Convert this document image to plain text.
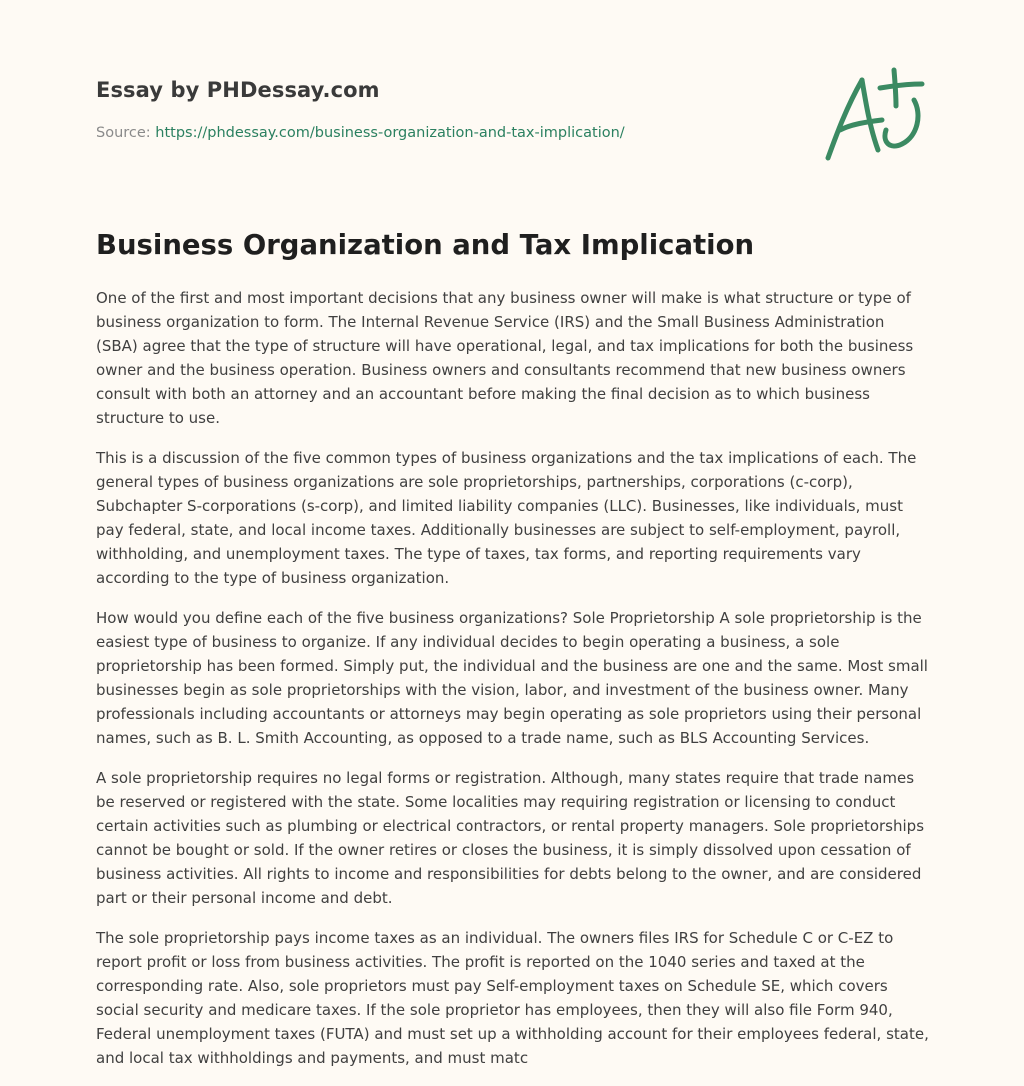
Essay by PHDessay.com
Source: https://phdessay.com/business-organization-and-tax-implication/
Business Organization and Tax Implication

One of the first and most important decisions that any business owner will make is what structure or type of business organization to form. The Internal Revenue Service (IRS) and the Small Business Administration (SBA) agree that the type of structure will have operational, legal, and tax implications for both the business owner and the business operation. Business owners and consultants recommend that new business owners consult with both an attorney and an accountant before making the final decision as to which business structure to use.

This is a discussion of the five common types of business organizations and the tax implications of each. The general types of business organizations are sole proprietorships, partnerships, corporations (c-corp), Subchapter S-corporations (s-corp), and limited liability companies (LLC). Businesses, like individuals, must pay federal, state, and local income taxes. Additionally businesses are subject to self-employment, payroll, withholding, and unemployment taxes. The type of taxes, tax forms, and reporting requirements vary according to the type of business organization.

How would you define each of the five business organizations? Sole Proprietorship A sole proprietorship is the easiest type of business to organize. If any individual decides to begin operating a business, a sole proprietorship has been formed. Simply put, the individual and the business are one and the same. Most small businesses begin as sole proprietorships with the vision, labor, and investment of the business owner. Many professionals including accountants or attorneys may begin operating as sole proprietors using their personal names, such as B. L. Smith Accounting, as opposed to a trade name, such as BLS Accounting Services.

A sole proprietorship requires no legal forms or registration. Although, many states require that trade names be reserved or registered with the state. Some localities may requiring registration or licensing to conduct certain activities such as plumbing or electrical contractors, or rental property managers. Sole proprietorships cannot be bought or sold. If the owner retires or closes the business, it is simply dissolved upon cessation of business activities. All rights to income and responsibilities for debts belong to the owner, and are considered part or their personal income and debt.

The sole proprietorship pays income taxes as an individual. The owners files IRS for Schedule C or C-EZ to report profit or loss from business activities. The profit is reported on the 1040 series and taxed at the corresponding rate. Also, sole proprietors must pay Self-employment taxes on Schedule SE, which covers social security and medicare taxes. If the sole proprietor has employees, then they will also file Form 940, Federal unemployment taxes (FUTA) and must set up a withholding account for their employees federal, state, and local tax withholdings and payments, and must matc
